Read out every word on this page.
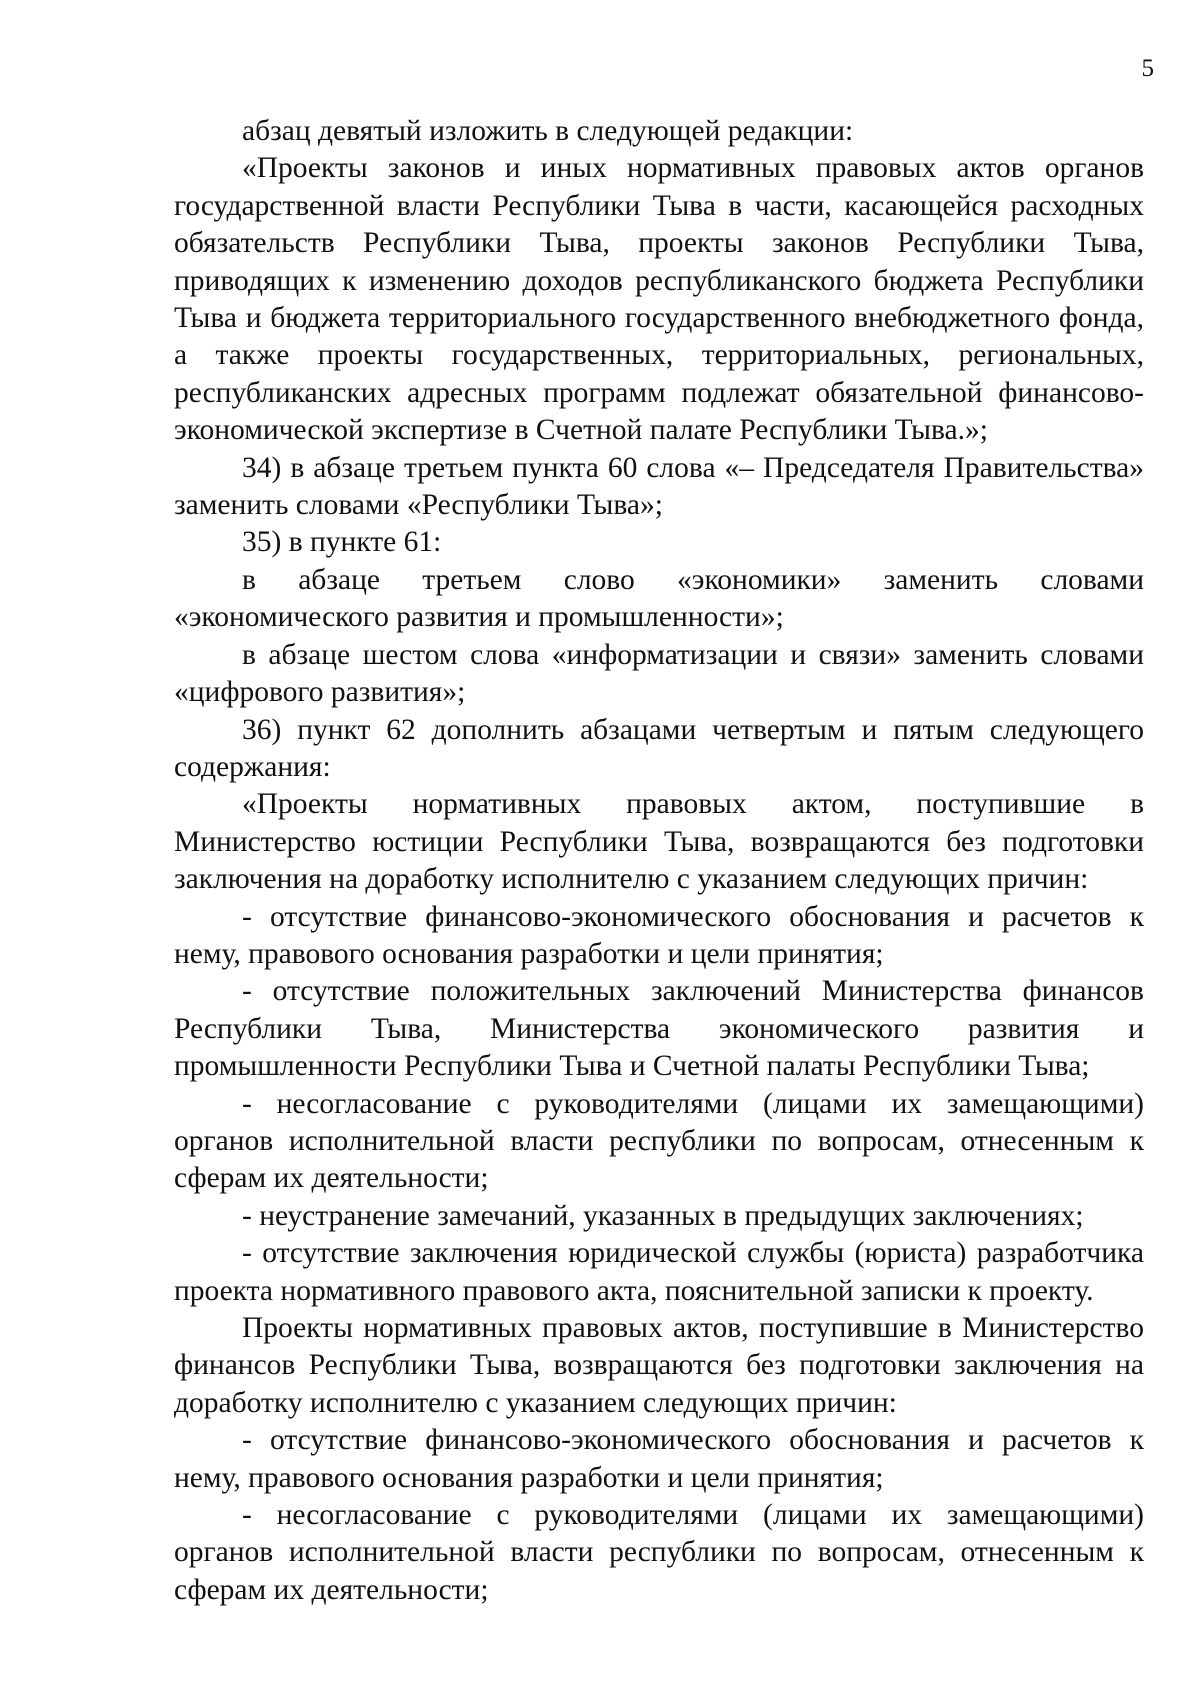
5

абзац девятый изложить в следующей редакции:

«Проекты законов и иных нормативных правовых актов органов государственной власти Республики Тыва в части, касающейся расходных обязательств Республики Тыва, проекты законов Республики Тыва, приводящих к изменению доходов республиканского бюджета Республики Тыва и бюджета территориального государственного внебюджетного фонда, а также проекты государственных, территориальных, региональных, республиканских адресных программ подлежат обязательной финансово-экономической экспертизе в Счетной палате Республики Тыва.»;

34) в абзаце третьем пункта 60 слова «– Председателя Правительства» заменить словами «Республики Тыва»;

35) в пункте 61:

в абзаце третьем слово «экономики» заменить словами «экономического развития и промышленности»;

в абзаце шестом слова «информатизации и связи» заменить словами «цифрового развития»;

36) пункт 62 дополнить абзацами четвертым и пятым следующего содержания:

«Проекты нормативных правовых актом, поступившие в Министерство юстиции Республики Тыва, возвращаются без подготовки заключения на доработку исполнителю с указанием следующих причин:

- отсутствие финансово-экономического обоснования и расчетов к нему, правового основания разработки и цели принятия;

- отсутствие положительных заключений Министерства финансов Республики Тыва, Министерства экономического развития и промышленности Республики Тыва и Счетной палаты Республики Тыва;

- несогласование с руководителями (лицами их замещающими) органов исполнительной власти республики по вопросам, отнесенным к сферам их деятельности;

- неустранение замечаний, указанных в предыдущих заключениях;

- отсутствие заключения юридической службы (юриста) разработчика проекта нормативного правового акта, пояснительной записки к проекту.

Проекты нормативных правовых актов, поступившие в Министерство финансов Республики Тыва, возвращаются без подготовки заключения на доработку исполнителю с указанием следующих причин:

- отсутствие финансово-экономического обоснования и расчетов к нему, правового основания разработки и цели принятия;

- несогласование с руководителями (лицами их замещающими) органов исполнительной власти республики по вопросам, отнесенным к сферам их деятельности;
